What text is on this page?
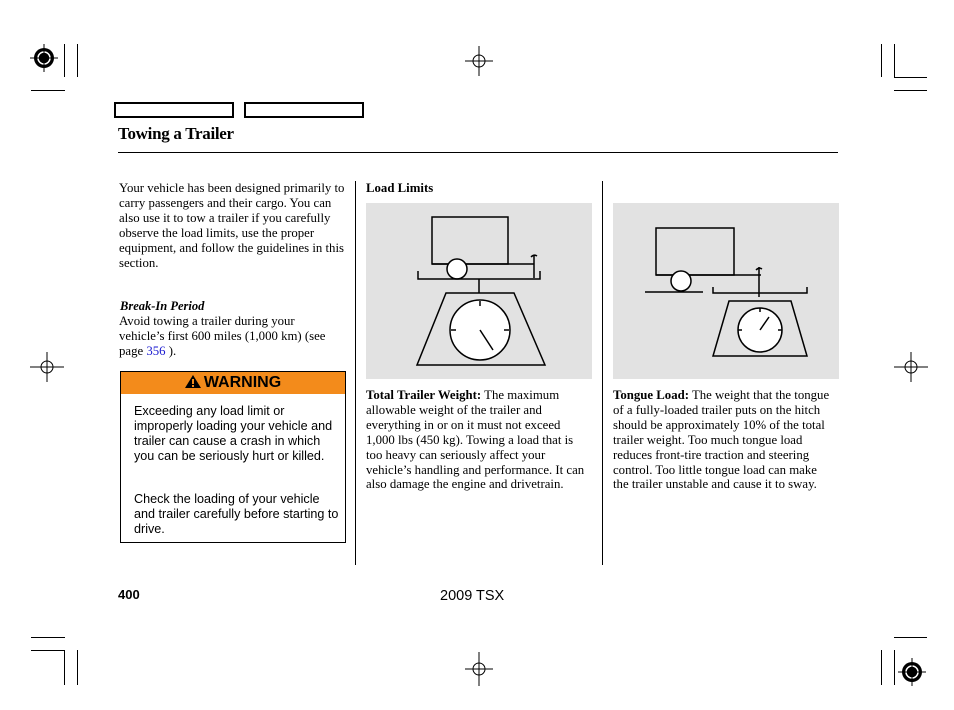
Towing a Trailer
Your vehicle has been designed primarily to carry passengers and their cargo. You can also use it to tow a trailer if you carefully observe the load limits, use the proper equipment, and follow the guidelines in this section.
Break-In Period
Avoid towing a trailer during your vehicle’s first 600 miles (1,000 km) (see page 356 ).
WARNING
Exceeding any load limit or improperly loading your vehicle and trailer can cause a crash in which you can be seriously hurt or killed.
Check the loading of your vehicle and trailer carefully before starting to drive.
Load Limits
Total Trailer Weight: The maximum allowable weight of the trailer and everything in or on it must not exceed 1,000 lbs (450 kg). Towing a load that is too heavy can seriously affect your vehicle’s handling and performance. It can also damage the engine and drivetrain.
Tongue Load: The weight that the tongue of a fully-loaded trailer puts on the hitch should be approximately 10% of the total trailer weight. Too much tongue load reduces front-tire traction and steering control. Too little tongue load can make the trailer unstable and cause it to sway.
400	2009 TSX
